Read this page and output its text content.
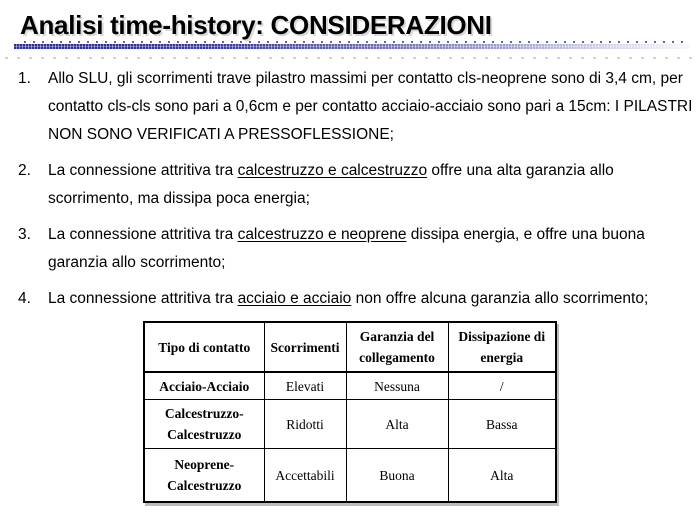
Analisi time-history: CONSIDERAZIONI
1.	Allo SLU, gli scorrimenti trave pilastro massimi per contatto cls-neoprene sono di 3,4 cm, per contatto cls-cls sono pari a 0,6cm e per contatto acciaio-acciaio sono pari a 15cm: I PILASTRI NON SONO VERIFICATI A PRESSOFLESSIONE;
2.	La connessione attritiva tra calcestruzzo e calcestruzzo offre una alta garanzia allo scorrimento, ma dissipa poca energia;
3.	La connessione attritiva tra calcestruzzo e neoprene dissipa energia, e offre una buona garanzia allo scorrimento;
4.	La connessione attritiva tra acciaio e acciaio non offre alcuna garanzia allo scorrimento;
Tipo di contatto	Scorrimenti	Garanzia del collegamento	Dissipazione di energia
Acciaio-Acciaio	Elevati	Nessuna	/
Calcestruzzo-Calcestruzzo	Ridotti	Alta	Bassa
Neoprene-Calcestruzzo	Accettabili	Buona	Alta
